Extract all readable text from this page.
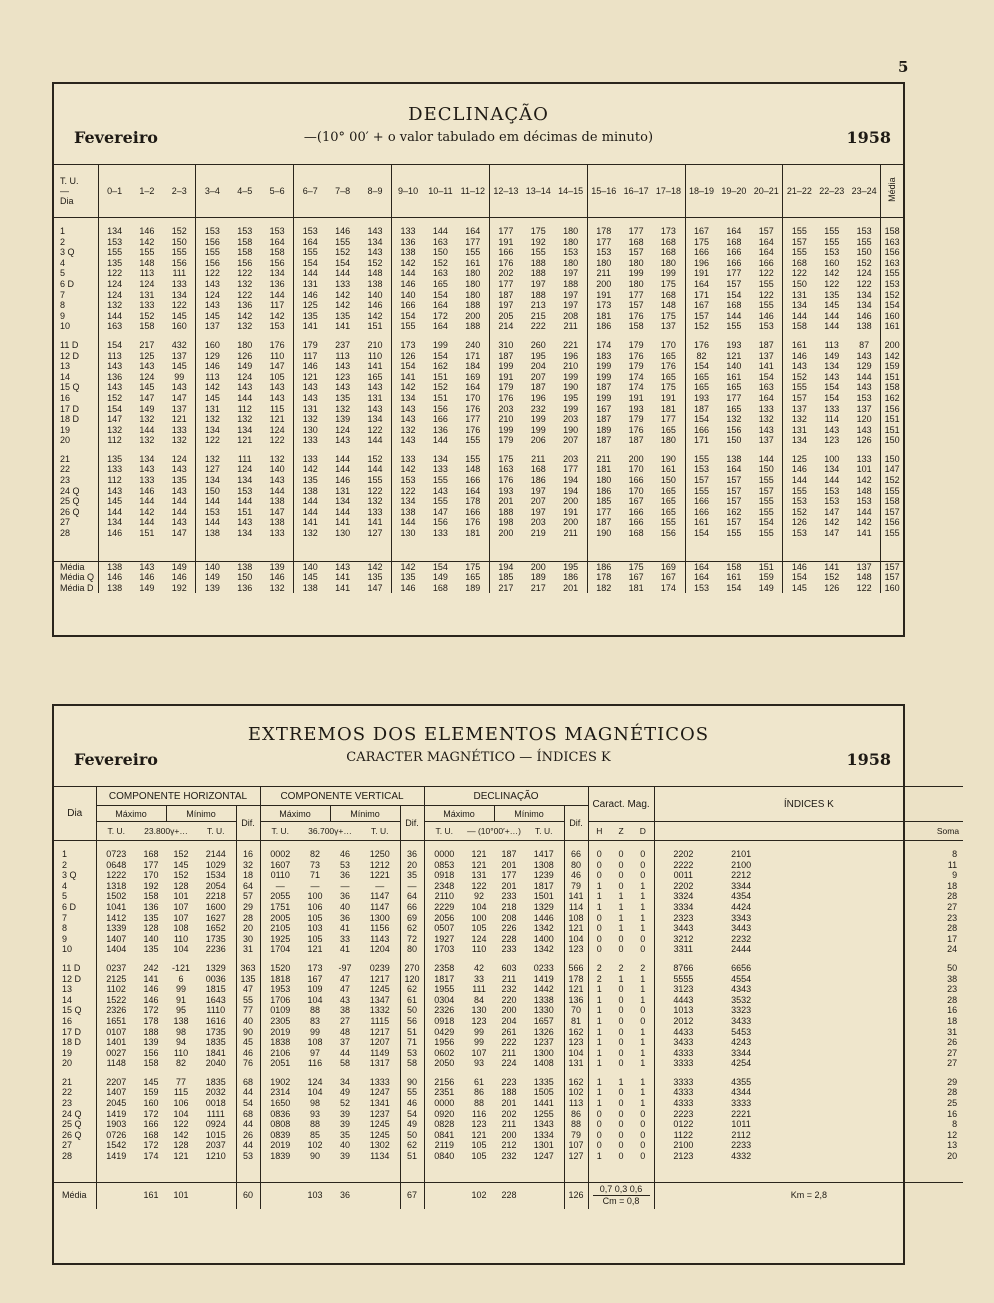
5
DECLINAÇÃO
—(10° 00′ + o valor tabulado em décimas de minuto)
Fevereiro	1958
T. U.
—
Dia	0–1	1–2	2–3	3–4	4–5	5–6	6–7	7–8	8–9	9–10	10–11	11–12	12–13	13–14	14–15	15–16	16–17	17–18	18–19	19–20	20–21	21–22	22–23	23–24	Média

1	134	146	152	153	153	153	153	146	143	133	144	164	177	175	180	178	177	173	167	164	157	155	155	153	158
2	153	142	150	156	158	164	164	155	134	136	163	177	191	192	180	177	168	168	175	168	164	157	155	155	163
3 Q	155	155	155	155	158	158	155	152	143	138	150	155	166	155	153	153	157	168	166	166	164	155	153	150	156
4	135	148	156	156	156	156	154	154	152	142	152	161	176	188	180	180	180	180	196	166	166	168	160	152	163
5	122	113	111	122	122	134	144	144	148	144	163	180	202	188	197	211	199	199	191	177	122	122	142	124	155
6 D	124	124	133	143	132	136	131	133	138	146	165	180	177	197	188	200	180	175	164	157	155	150	122	122	153
7	124	131	134	124	122	144	146	142	140	140	154	180	187	188	197	191	177	168	171	154	122	131	135	134	152
8	132	133	122	143	136	117	125	142	146	166	164	188	197	213	197	173	157	148	167	168	155	134	145	134	154
9	144	152	145	145	142	142	135	135	142	154	172	200	205	215	208	181	176	175	157	144	146	144	144	146	160
10	163	158	160	137	132	153	141	141	151	155	164	188	214	222	211	186	158	137	152	155	153	158	144	138	161

11 D	154	217	432	160	180	176	179	237	210	173	199	240	310	260	221	174	179	170	176	193	187	161	113	87	200
12 D	113	125	137	129	126	110	117	113	110	126	154	171	187	195	196	183	176	165	82	121	137	146	149	143	142
13	143	143	145	146	149	147	146	143	141	154	162	184	199	204	210	199	179	176	154	140	141	143	134	129	159
14	136	124	99	113	124	105	121	123	165	141	151	169	191	207	199	199	174	165	165	161	154	152	143	144	151
15 Q	143	145	143	142	143	143	143	143	143	142	152	164	179	187	190	187	174	175	165	165	163	155	154	143	158
16	152	147	147	145	144	143	143	135	131	134	151	170	176	196	195	199	191	191	193	177	164	157	154	153	162
17 D	154	149	137	131	112	115	131	132	143	143	156	176	203	232	199	167	193	181	187	165	133	137	133	137	156
18 D	147	132	121	132	132	121	132	139	134	143	166	177	210	199	203	187	179	177	154	132	132	132	114	120	151
19	132	144	133	134	134	124	130	124	122	132	136	176	199	199	190	189	176	165	166	156	143	131	143	143	151
20	112	132	132	122	121	122	133	143	144	143	144	155	179	206	207	187	187	180	171	150	137	134	123	126	150

21	135	134	124	132	111	132	133	144	152	133	134	155	175	211	203	211	200	190	155	138	144	125	100	133	150
22	133	143	143	127	124	140	142	144	144	142	133	148	163	168	177	181	170	161	153	164	150	146	134	101	147
23	112	133	135	134	134	143	135	146	155	153	155	166	176	186	194	180	166	150	157	157	155	144	144	142	152
24 Q	143	146	143	150	153	144	138	131	122	122	143	164	193	197	194	186	170	165	155	157	157	155	153	148	155
25 Q	145	144	144	144	144	138	144	134	132	134	155	178	201	207	200	185	167	165	166	157	155	153	153	153	158
26 Q	144	142	144	153	151	147	144	144	133	138	147	166	188	197	191	177	166	165	166	162	155	152	147	144	157
27	134	144	143	144	143	138	141	141	141	144	156	176	198	203	200	187	166	155	161	157	154	126	142	142	156
28	146	151	147	138	134	133	132	130	127	130	133	181	200	219	211	190	168	156	154	155	155	153	147	141	155

Média	138	143	149	140	138	139	140	143	142	142	154	175	194	200	195	186	175	169	164	158	151	146	141	137	157
Média Q	146	146	146	149	150	146	145	141	135	135	149	165	185	189	186	178	167	167	164	161	159	154	152	148	157
Média D	138	149	192	139	136	132	138	141	147	146	168	189	217	217	201	182	181	174	153	154	149	145	126	122	160
EXTREMOS DOS ELEMENTOS MAGNÉTICOS
CARACTER MAGNÉTICO — ÍNDICES K
Fevereiro	1958
Dia	COMPONENTE HORIZONTAL					COMPONENTE VERTICAL					DECLINAÇÃO					Caract. Mag.			ÍNDICES K		
	Máximo		Mínimo		Dif.	Máximo		Mínimo		Dif.	Máximo		Mínimo		Dif.						
	T. U.	23.800γ+…		T. U.		T. U.	36.700γ+…		T. U.		T. U.	— (10°00′+…)		T. U.		H	Z	D			Soma

1	0723	168	152	2144	16	0002	82	46	1250	36	0000	121	187	1417	66	0	0	0	2202	2101	8
2	0648	177	145	1029	32	1607	73	53	1212	20	0853	121	201	1308	80	0	0	0	2222	2100	11
3 Q	1222	170	152	1534	18	0110	71	36	1221	35	0918	131	177	1239	46	0	0	0	0011	2212	9
4	1318	192	128	2054	64	—	—	—	—	—	2348	122	201	1817	79	1	0	1	2202	3344	18
5	1502	158	101	2218	57	2055	100	36	1147	64	2110	92	233	1501	141	1	1	1	3324	4354	28
6 D	1041	136	107	1600	29	1751	106	40	1147	66	2229	104	218	1329	114	1	1	1	3334	4424	27
7	1412	135	107	1627	28	2005	105	36	1300	69	2056	100	208	1446	108	0	1	1	2323	3343	23
8	1339	128	108	1652	20	2105	103	41	1156	62	0507	105	226	1342	121	0	1	1	3443	3443	28
9	1407	140	110	1735	30	1925	105	33	1143	72	1927	124	228	1400	104	0	0	0	3212	2232	17
10	1404	135	104	2236	31	1704	121	41	1204	80	1703	110	233	1342	123	0	0	0	3311	2444	24

11 D	0237	242	-121	1329	363	1520	173	-97	0239	270	2358	42	603	0233	566	2	2	2	8766	6656	50
12 D	2125	141	6	0036	135	1818	167	47	1217	120	1817	33	211	1419	178	2	1	1	5555	4554	38
13	1102	146	99	1815	47	1953	109	47	1245	62	1955	111	232	1442	121	1	0	1	3123	4343	23
14	1522	146	91	1643	55	1706	104	43	1347	61	0304	84	220	1338	136	1	0	1	4443	3532	28
15 Q	2326	172	95	1110	77	0109	88	38	1332	50	2326	130	200	1330	70	1	0	0	1013	3323	16
16	1651	178	138	1616	40	2305	83	27	1115	56	0918	123	204	1657	81	1	0	0	2012	3433	18
17 D	0107	188	98	1735	90	2019	99	48	1217	51	0429	99	261	1326	162	1	0	1	4433	5453	31
18 D	1401	139	94	1835	45	1838	108	37	1207	71	1956	99	222	1237	123	1	0	1	3433	4243	26
19	0027	156	110	1841	46	2106	97	44	1149	53	0602	107	211	1300	104	1	0	1	4333	3344	27
20	1148	158	82	2040	76	2051	116	58	1317	58	2050	93	224	1408	131	1	0	1	3333	4254	27

21	2207	145	77	1835	68	1902	124	34	1333	90	2156	61	223	1335	162	1	1	1	3333	4355	29
22	1407	159	115	2032	44	2314	104	49	1247	55	2351	86	188	1505	102	1	0	1	4333	4344	28
23	2045	160	106	0018	54	1650	98	52	1341	46	0000	88	201	1441	113	1	0	1	4333	3333	25
24 Q	1419	172	104	1111	68	0836	93	39	1237	54	0920	116	202	1255	86	0	0	0	2223	2221	16
25 Q	1903	166	122	0924	44	0808	88	39	1245	49	0828	123	211	1343	88	0	0	0	0122	1011	8
26 Q	0726	168	142	1015	26	0839	85	35	1245	50	0841	121	200	1334	79	0	0	0	1122	2112	12
27	1542	172	128	2037	44	2019	102	40	1302	62	2119	105	212	1301	107	0	0	0	2100	2233	13
28	1419	174	121	1210	53	1839	90	39	1134	51	0840	105	232	1247	127	1	0	0	2123	4332	20

Média		161	101		60		103	36		67		102	228		126	0,7 0,3 0,6
Cm = 0,8			Km = 2,8		
